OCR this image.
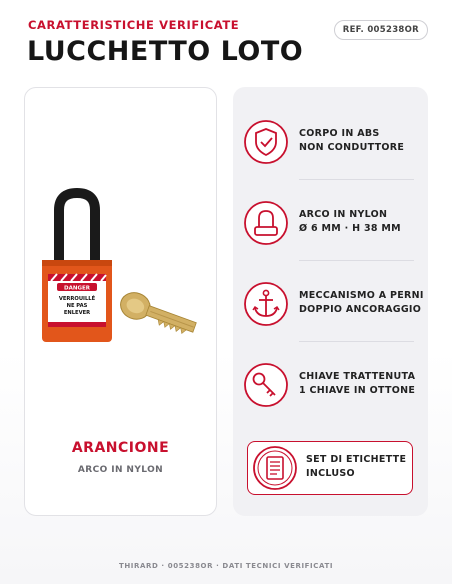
CARATTERISTICHE VERIFICATE	REF. 005238OR
LUCCHETTO LOTO
DANGER
VERROUILLÉ
NE PAS
ENLEVER
ARANCIONE
ARCO IN NYLON
CORPO IN ABS
NON CONDUTTORE
ARCO IN NYLON
Ø 6 MM · H 38 MM
MECCANISMO A PERNI
DOPPIO ANCORAGGIO
CHIAVE TRATTENUTA
1 CHIAVE IN OTTONE
SET DI ETICHETTE
INCLUSO
THIRARD · 005238OR · DATI TECNICI VERIFICATI
